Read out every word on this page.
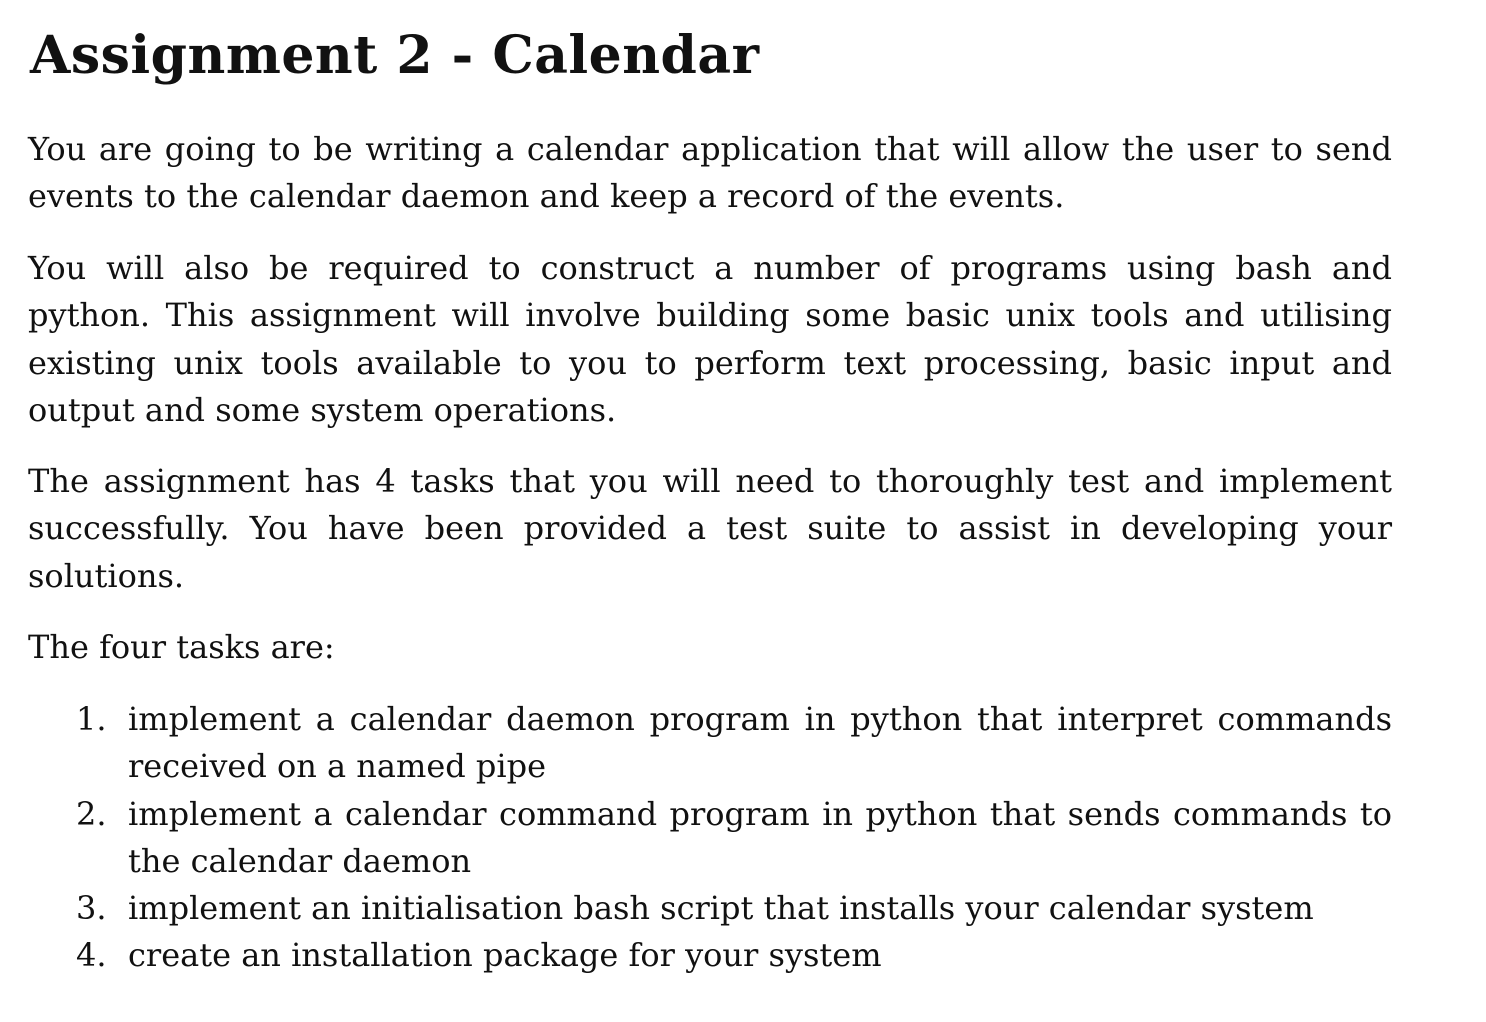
Assignment 2 - Calendar

You are going to be writing a calendar application that will allow the user to send events to the calendar daemon and keep a record of the events.

You will also be required to construct a number of programs using bash and python. This assignment will involve building some basic unix tools and utilising existing unix tools available to you to perform text processing, basic input and output and some system operations.

The assignment has 4 tasks that you will need to thoroughly test and implement successfully. You have been provided a test suite to assist in developing your solutions.

The four tasks are:

1. implement a calendar daemon program in python that interpret commands received on a named pipe
2. implement a calendar command program in python that sends commands to the calendar daemon
3. implement an initialisation bash script that installs your calendar system
4. create an installation package for your system
